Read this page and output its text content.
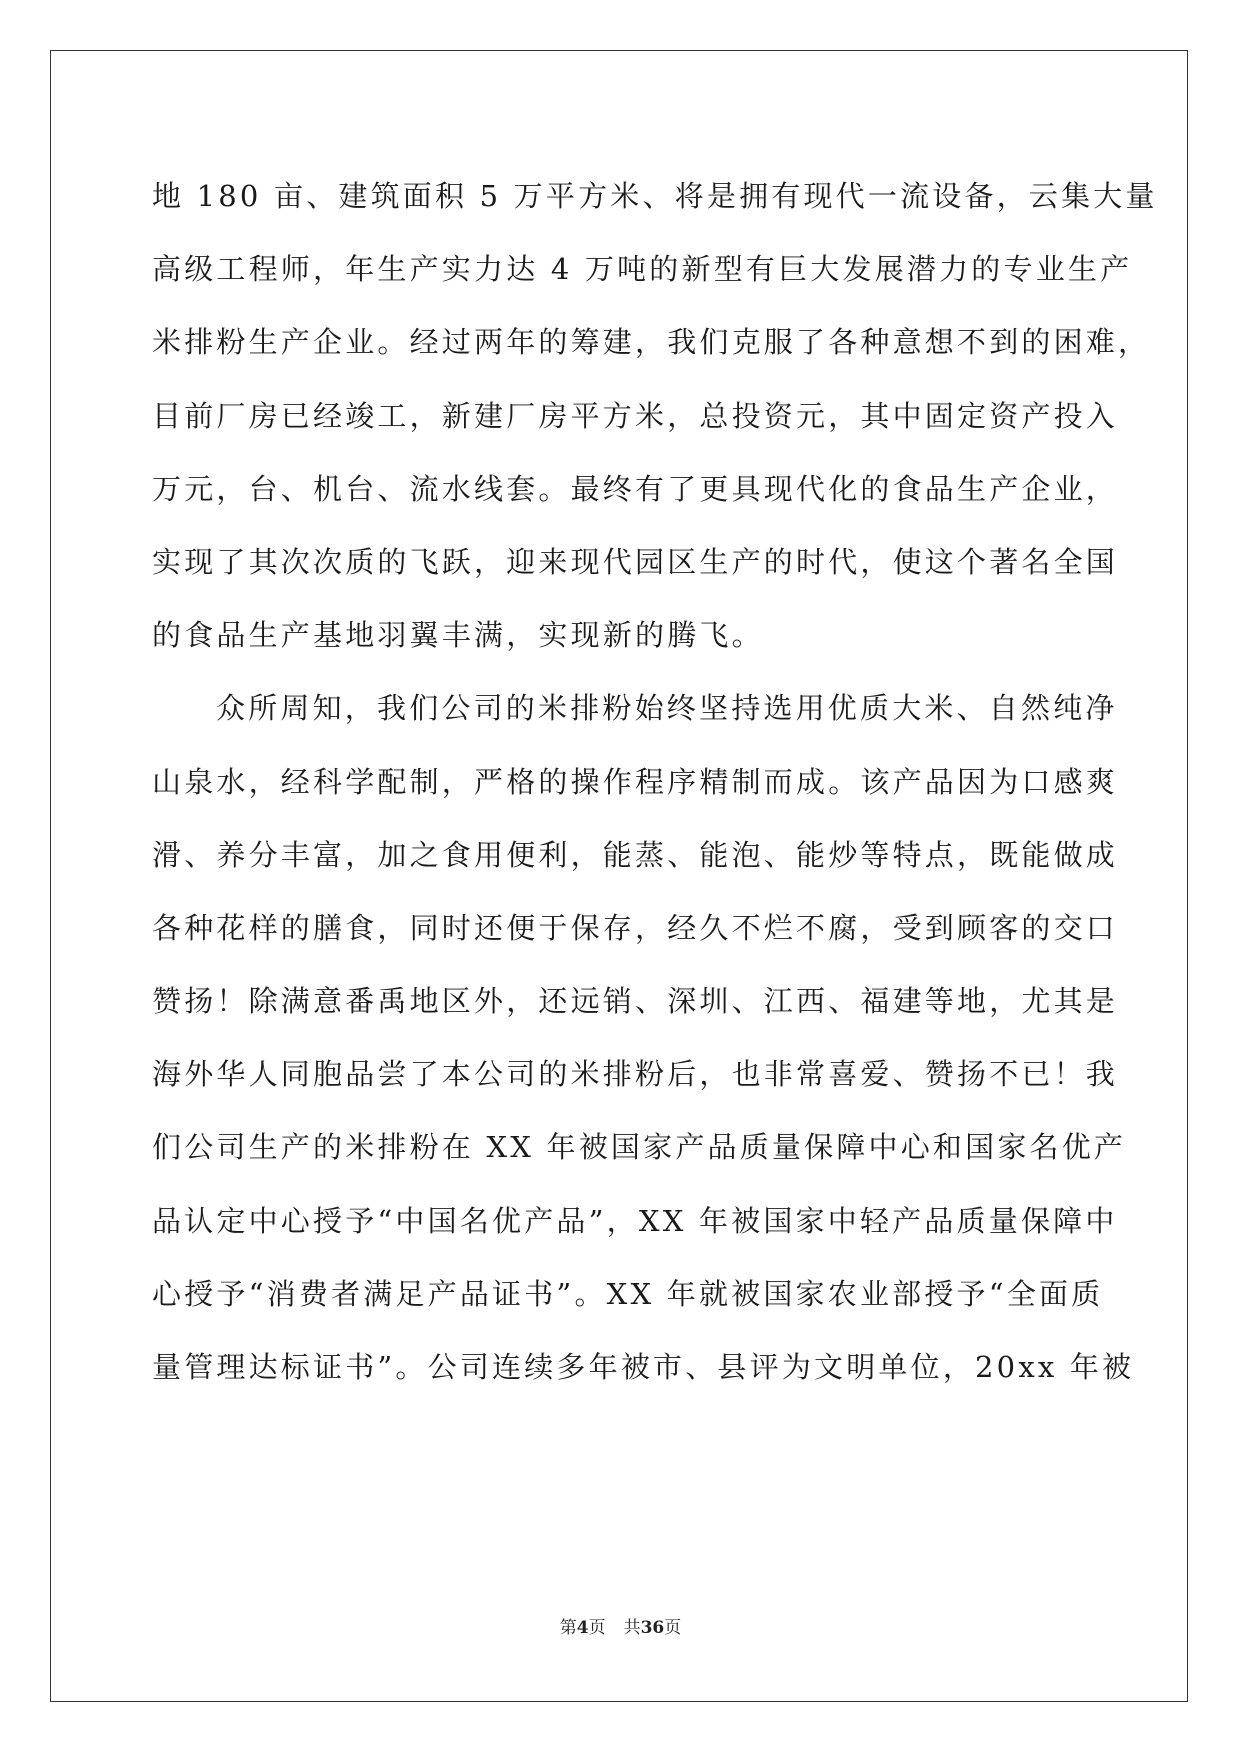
地 180 亩、建筑面积 5 万平方米、将是拥有现代一流设备，云集大量
高级工程师，年生产实力达 4 万吨的新型有巨大发展潜力的专业生产
米排粉生产企业。经过两年的筹建，我们克服了各种意想不到的困难，
目前厂房已经竣工，新建厂房平方米，总投资元，其中固定资产投入
万元，台、机台、流水线套。最终有了更具现代化的食品生产企业，
实现了其次次质的飞跃，迎来现代园区生产的时代，使这个著名全国
的食品生产基地羽翼丰满，实现新的腾飞。
众所周知，我们公司的米排粉始终坚持选用优质大米、自然纯净
山泉水，经科学配制，严格的操作程序精制而成。该产品因为口感爽
滑、养分丰富，加之食用便利，能蒸、能泡、能炒等特点，既能做成
各种花样的膳食，同时还便于保存，经久不烂不腐，受到顾客的交口
赞扬！除满意番禹地区外，还远销、深圳、江西、福建等地，尤其是
海外华人同胞品尝了本公司的米排粉后，也非常喜爱、赞扬不已！我
们公司生产的米排粉在 XX 年被国家产品质量保障中心和国家名优产
品认定中心授予“中国名优产品”，XX 年被国家中轻产品质量保障中
心授予“消费者满足产品证书”。XX 年就被国家农业部授予“全面质
量管理达标证书”。公司连续多年被市、县评为文明单位，20xx 年被
第4页 共36页
